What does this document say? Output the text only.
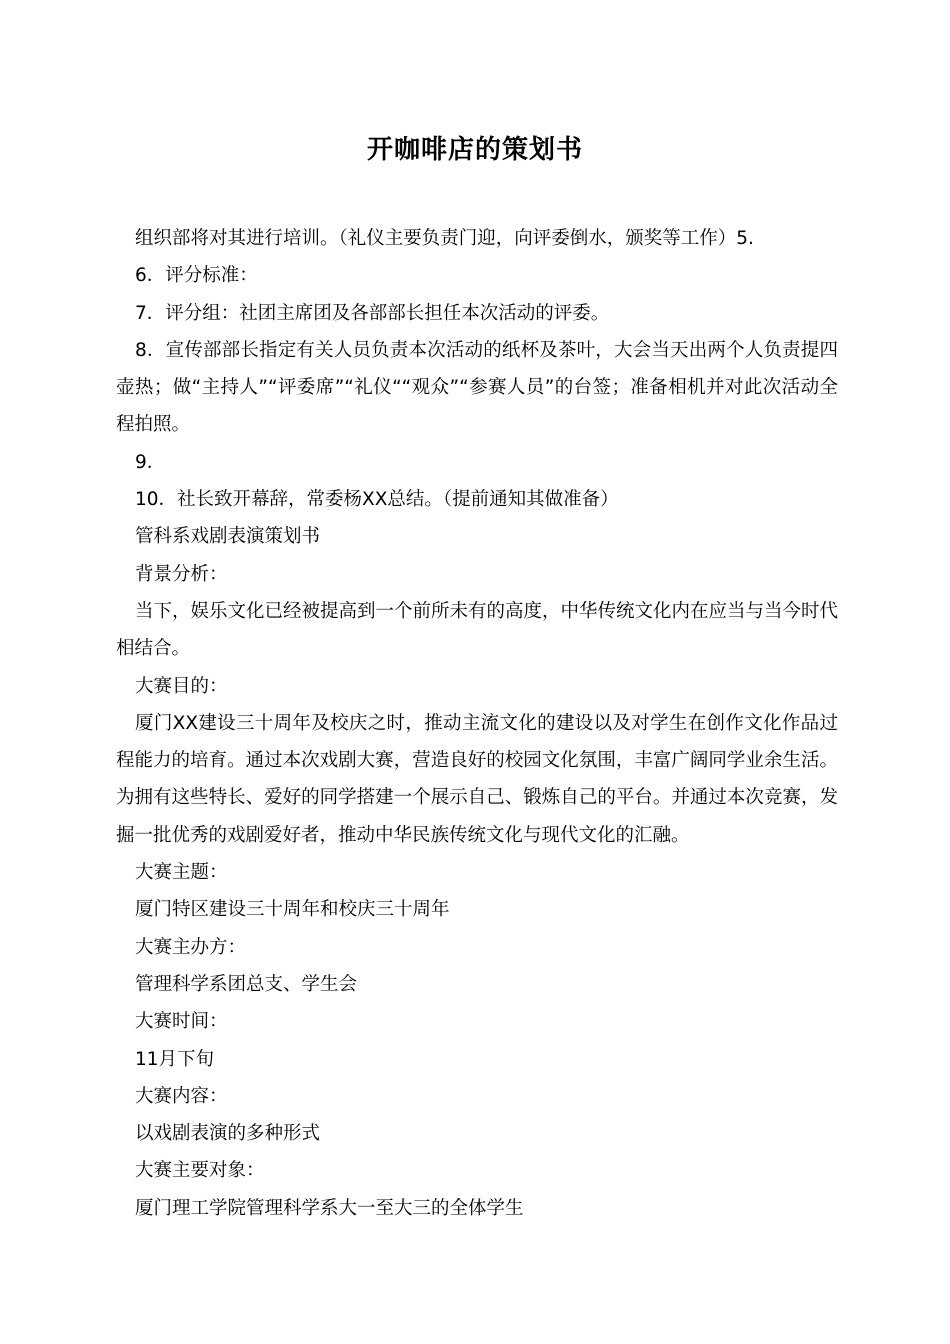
开咖啡店的策划书

组织部将对其进行培训。（礼仪主要负责门迎，向评委倒水，颁奖等工作）5.

6．评分标准：

7．评分组：社团主席团及各部部长担任本次活动的评委。

8．宣传部部长指定有关人员负责本次活动的纸杯及茶叶，大会当天出两个人负责提四壶热；做“主持人”“评委席”“礼仪““观众”“参赛人员”的台签；准备相机并对此次活动全程拍照。

9．

10．社长致开幕辞，常委杨XX总结。（提前通知其做准备）

管科系戏剧表演策划书

背景分析：

当下，娱乐文化已经被提高到一个前所未有的高度，中华传统文化内在应当与当今时代相结合。

大赛目的：

厦门XX建设三十周年及校庆之时，推动主流文化的建设以及对学生在创作文化作品过程能力的培育。通过本次戏剧大赛，营造良好的校园文化氛围，丰富广阔同学业余生活。为拥有这些特长、爱好的同学搭建一个展示自己、锻炼自己的平台。并通过本次竞赛，发掘一批优秀的戏剧爱好者，推动中华民族传统文化与现代文化的汇融。

大赛主题：

厦门特区建设三十周年和校庆三十周年

大赛主办方：

管理科学系团总支、学生会

大赛时间：

11月下旬

大赛内容：

以戏剧表演的多种形式

大赛主要对象：

厦门理工学院管理科学系大一至大三的全体学生
